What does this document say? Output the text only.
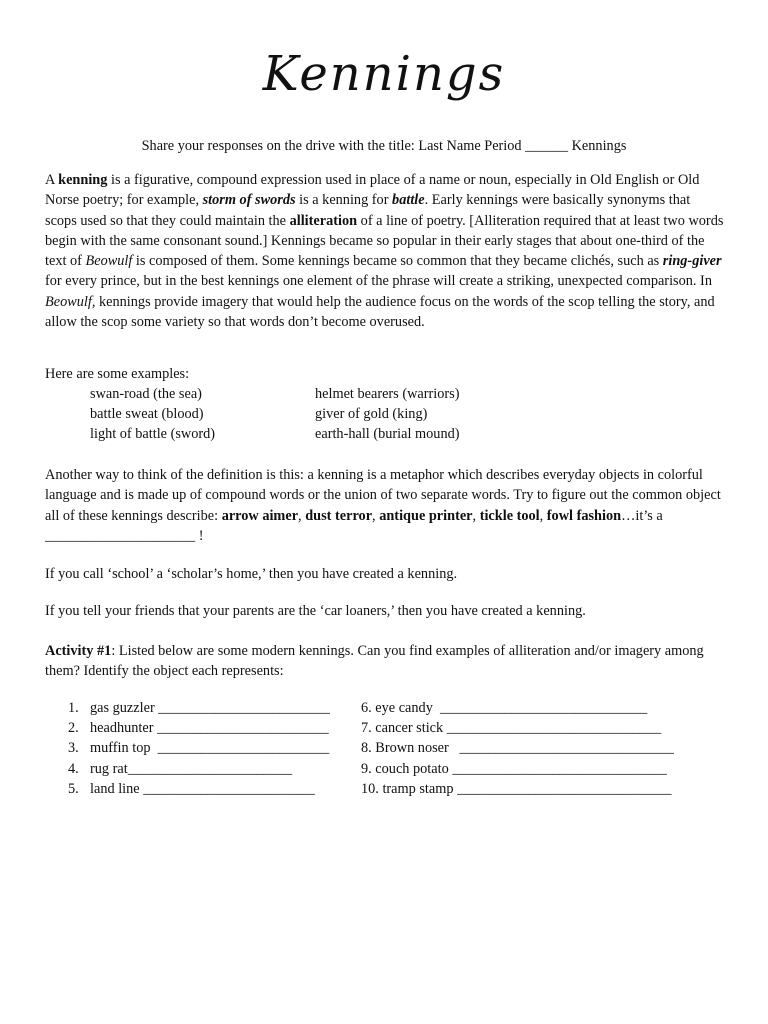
Kennings
Share your responses on the drive with the title: Last Name Period ______ Kennings
A kenning is a figurative, compound expression used in place of a name or noun, especially in Old English or Old Norse poetry; for example, storm of swords is a kenning for battle. Early kennings were basically synonyms that scops used so that they could maintain the alliteration of a line of poetry. [Alliteration required that at least two words begin with the same consonant sound.] Kennings became so popular in their early stages that about one-third of the text of Beowulf is composed of them. Some kennings became so common that they became clichés, such as ring-giver for every prince, but in the best kennings one element of the phrase will create a striking, unexpected comparison. In Beowulf, kennings provide imagery that would help the audience focus on the words of the scop telling the story, and allow the scop some variety so that words don’t become overused.
Here are some examples:
swan-road (the sea)	helmet bearers (warriors)
battle sweat (blood)	giver of gold (king)
light of battle (sword)	earth-hall (burial mound)
Another way to think of the definition is this: a kenning is a metaphor which describes everyday objects in colorful language and is made up of compound words or the union of two separate words. Try to figure out the common object all of these kennings describe: arrow aimer, dust terror, antique printer, tickle tool, fowl fashion…it’s a _____________________ !
If you call ‘school’ a ‘scholar’s home,’ then you have created a kenning.
If you tell your friends that your parents are the ‘car loaners,’ then you have created a kenning.
Activity #1: Listed below are some modern kennings. Can you find examples of alliteration and/or imagery among them? Identify the object each represents:
1. gas guzzler ________________________
2. headhunter ________________________
3. muffin top ________________________
4. rug rat_______________________
5. land line ________________________
6. eye candy _____________________________
7. cancer stick ______________________________
8. Brown noser ______________________________
9. couch potato ______________________________
10. tramp stamp ______________________________
